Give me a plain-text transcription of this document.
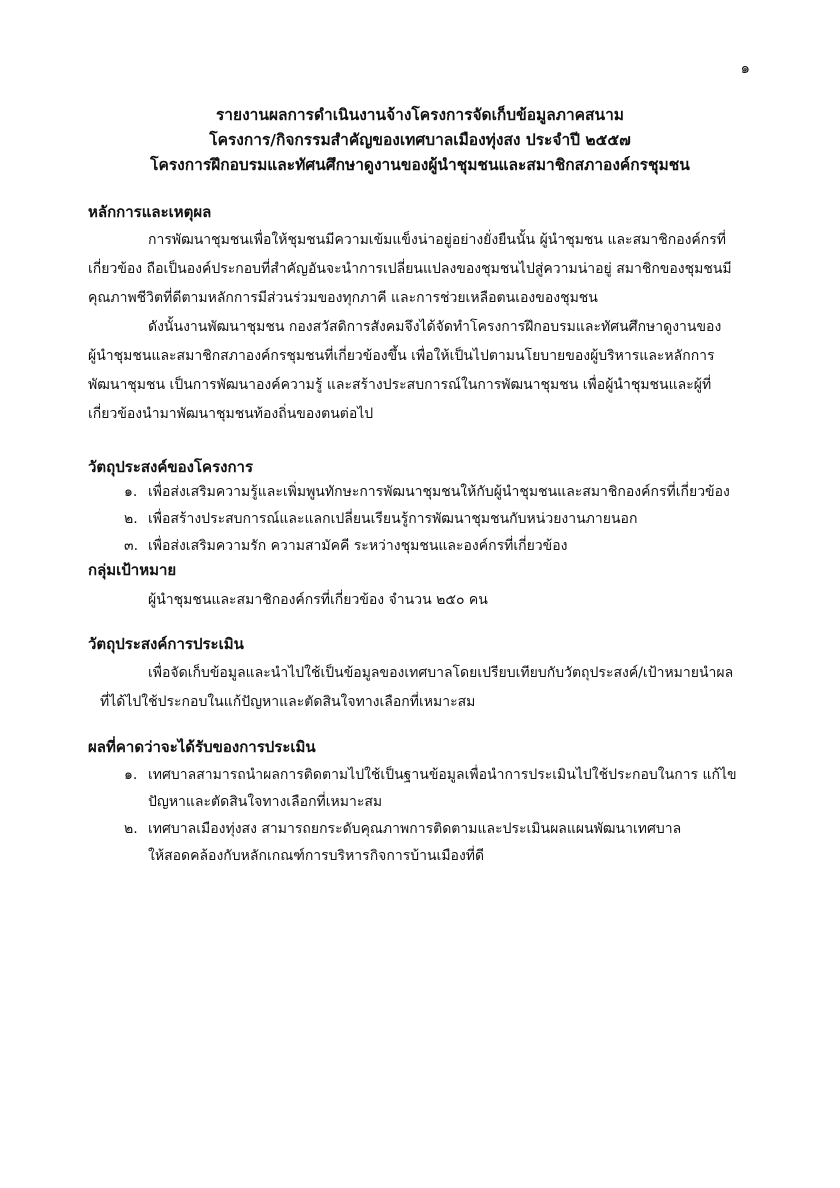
๑
รายงานผลการดำเนินงานจ้างโครงการจัดเก็บข้อมูลภาคสนาม
โครงการ/กิจกรรมสำคัญของเทศบาลเมืองทุ่งสง ประจำปี ๒๕๕๗
โครงการฝึกอบรมและทัศนศึกษาดูงานของผู้นำชุมชนและสมาชิกสภาองค์กรชุมชน
หลักการและเหตุผล
การพัฒนาชุมชนเพื่อให้ชุมชนมีความเข้มแข็งน่าอยู่อย่างยั่งยืนนั้น ผู้นำชุมชน และสมาชิกองค์กรที่
เกี่ยวข้อง ถือเป็นองค์ประกอบที่สำคัญอันจะนำการเปลี่ยนแปลงของชุมชนไปสู่ความน่าอยู่ สมาชิกของชุมชนมี
คุณภาพชีวิตที่ดีตามหลักการมีส่วนร่วมของทุกภาคี และการช่วยเหลือตนเองของชุมชน
ดังนั้นงานพัฒนาชุมชน กองสวัสดิการสังคมจึงได้จัดทำโครงการฝึกอบรมและทัศนศึกษาดูงานของ
ผู้นำชุมชนและสมาชิกสภาองค์กรชุมชนที่เกี่ยวข้องขึ้น เพื่อให้เป็นไปตามนโยบายของผู้บริหารและหลักการ
พัฒนาชุมชน เป็นการพัฒนาองค์ความรู้ และสร้างประสบการณ์ในการพัฒนาชุมชน เพื่อผู้นำชุมชนและผู้ที่
เกี่ยวข้องนำมาพัฒนาชุมชนท้องถิ่นของตนต่อไป
วัตถุประสงค์ของโครงการ
๑. เพื่อส่งเสริมความรู้และเพิ่มพูนทักษะการพัฒนาชุมชนให้กับผู้นำชุมชนและสมาชิกองค์กรที่เกี่ยวข้อง
๒. เพื่อสร้างประสบการณ์และแลกเปลี่ยนเรียนรู้การพัฒนาชุมชนกับหน่วยงานภายนอก
๓. เพื่อส่งเสริมความรัก ความสามัคคี ระหว่างชุมชนและองค์กรที่เกี่ยวข้อง
กลุ่มเป้าหมาย
ผู้นำชุมชนและสมาชิกองค์กรที่เกี่ยวข้อง จำนวน ๒๕๐ คน
วัตถุประสงค์การประเมิน
เพื่อจัดเก็บข้อมูลและนำไปใช้เป็นข้อมูลของเทศบาลโดยเปรียบเทียบกับวัตถุประสงค์/เป้าหมายนำผล
ที่ได้ไปใช้ประกอบในแก้ปัญหาและตัดสินใจทางเลือกที่เหมาะสม
ผลที่คาดว่าจะได้รับของการประเมิน
๑. เทศบาลสามารถนำผลการติดตามไปใช้เป็นฐานข้อมูลเพื่อนำการประเมินไปใช้ประกอบในการ แก้ไข
ปัญหาและตัดสินใจทางเลือกที่เหมาะสม
๒. เทศบาลเมืองทุ่งสง สามารถยกระดับคุณภาพการติดตามและประเมินผลแผนพัฒนาเทศบาล
ให้สอดคล้องกับหลักเกณฑ์การบริหารกิจการบ้านเมืองที่ดี
